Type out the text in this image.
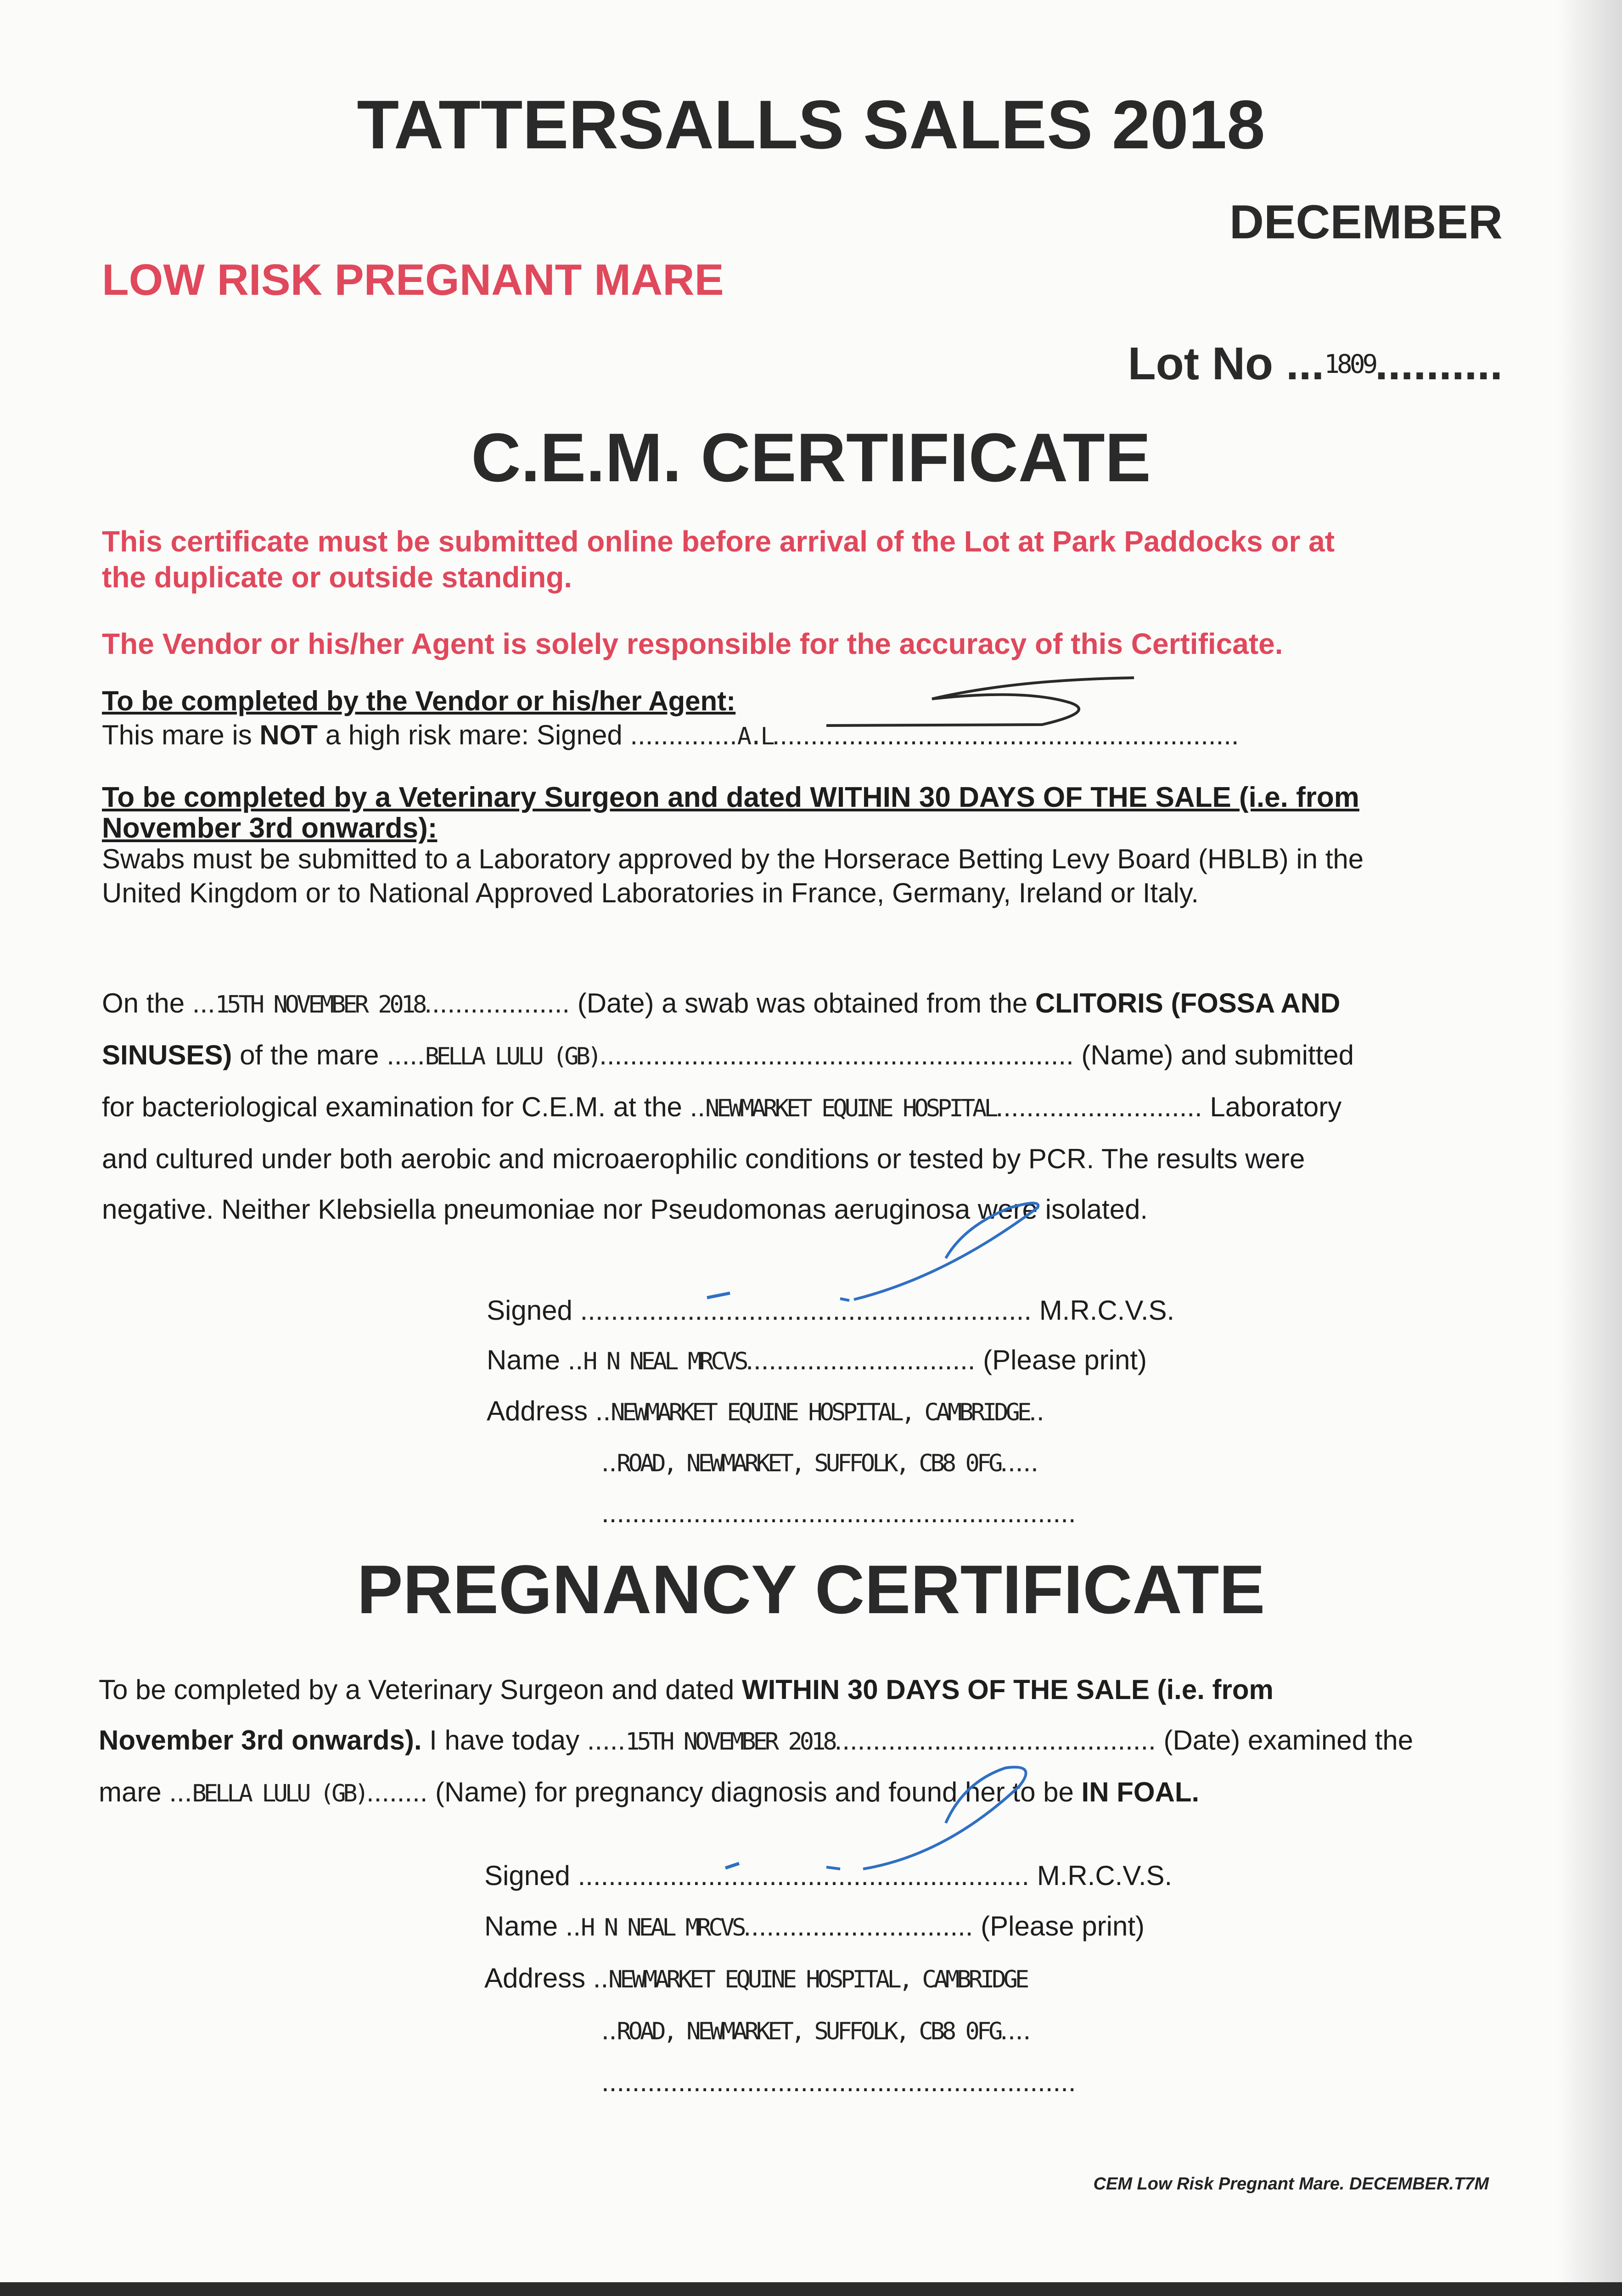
TATTERSALLS SALES 2018
DECEMBER
LOW RISK PREGNANT MARE
Lot No ...1809..........
C.E.M. CERTIFICATE
This certificate must be submitted online before arrival of the Lot at Park Paddocks or at
the duplicate or outside standing.
The Vendor or his/her Agent is solely responsible for the accuracy of this Certificate.
To be completed by the Vendor or his/her Agent:
This mare is NOT a high risk mare: Signed ..............A.L.............................................................
To be completed by a Veterinary Surgeon and dated WITHIN 30 DAYS OF THE SALE (i.e. from
November 3rd onwards):
Swabs must be submitted to a Laboratory approved by the Horserace Betting Levy Board (HBLB) in the
United Kingdom or to National Approved Laboratories in France, Germany, Ireland or Italy.
On the ...15TH NOVEMBER 2018................... (Date) a swab was obtained from the CLITORIS (FOSSA AND
SINUSES) of the mare .....BELLA LULU (GB).............................................................. (Name) and submitted
for bacteriological examination for C.E.M. at the ..NEWMARKET EQUINE HOSPITAL........................... Laboratory
and cultured under both aerobic and microaerophilic conditions or tested by PCR. The results were
negative. Neither Klebsiella pneumoniae nor Pseudomonas aeruginosa were isolated.
Signed ........................................................... M.R.C.V.S.
Name ..H N NEAL MRCVS.............................. (Please print)
Address ..NEWMARKET EQUINE HOSPITAL, CAMBRIDGE..
..ROAD, NEWMARKET, SUFFOLK, CB8 0FG.....
..............................................................
PREGNANCY CERTIFICATE
To be completed by a Veterinary Surgeon and dated WITHIN 30 DAYS OF THE SALE (i.e. from
November 3rd onwards). I have today .....15TH NOVEMBER 2018.......................................... (Date) examined the
mare ...BELLA LULU (GB)........ (Name) for pregnancy diagnosis and found her to be IN FOAL.
Signed ........................................................... M.R.C.V.S.
Name ..H N NEAL MRCVS.............................. (Please print)
Address ..NEWMARKET EQUINE HOSPITAL, CAMBRIDGE
..ROAD, NEWMARKET, SUFFOLK, CB8 0FG....
..............................................................
CEM Low Risk Pregnant Mare. DECEMBER.T7M
